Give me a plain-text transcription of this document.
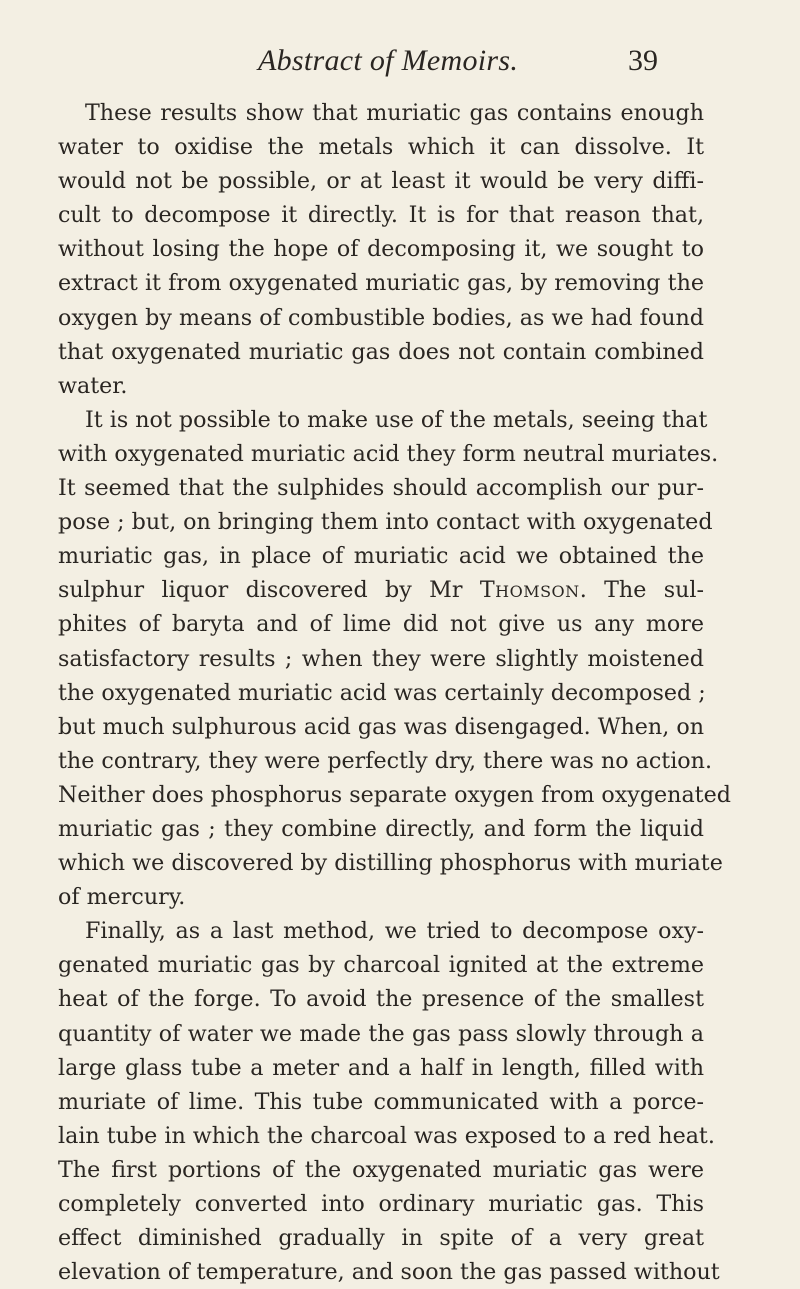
Abstract of Memoirs.	39
These results show that muriatic gas contains enough
water to oxidise the metals which it can dissolve. It
would not be possible, or at least it would be very diffi-
cult to decompose it directly. It is for that reason that,
without losing the hope of decomposing it, we sought to
extract it from oxygenated muriatic gas, by removing the
oxygen by means of combustible bodies, as we had found
that oxygenated muriatic gas does not contain combined
water.
It is not possible to make use of the metals, seeing that
with oxygenated muriatic acid they form neutral muriates.
It seemed that the sulphides should accomplish our pur-
pose ; but, on bringing them into contact with oxygenated
muriatic gas, in place of muriatic acid we obtained the
sulphur liquor discovered by Mr Thomson. The sul-
phites of baryta and of lime did not give us any more
satisfactory results ; when they were slightly moistened
the oxygenated muriatic acid was certainly decomposed ;
but much sulphurous acid gas was disengaged. When, on
the contrary, they were perfectly dry, there was no action.
Neither does phosphorus separate oxygen from oxygenated
muriatic gas ; they combine directly, and form the liquid
which we discovered by distilling phosphorus with muriate
of mercury.
Finally, as a last method, we tried to decompose oxy-
genated muriatic gas by charcoal ignited at the extreme
heat of the forge. To avoid the presence of the smallest
quantity of water we made the gas pass slowly through a
large glass tube a meter and a half in length, filled with
muriate of lime. This tube communicated with a porce-
lain tube in which the charcoal was exposed to a red heat.
The first portions of the oxygenated muriatic gas were
completely converted into ordinary muriatic gas. This
effect diminished gradually in spite of a very great
elevation of temperature, and soon the gas passed without
